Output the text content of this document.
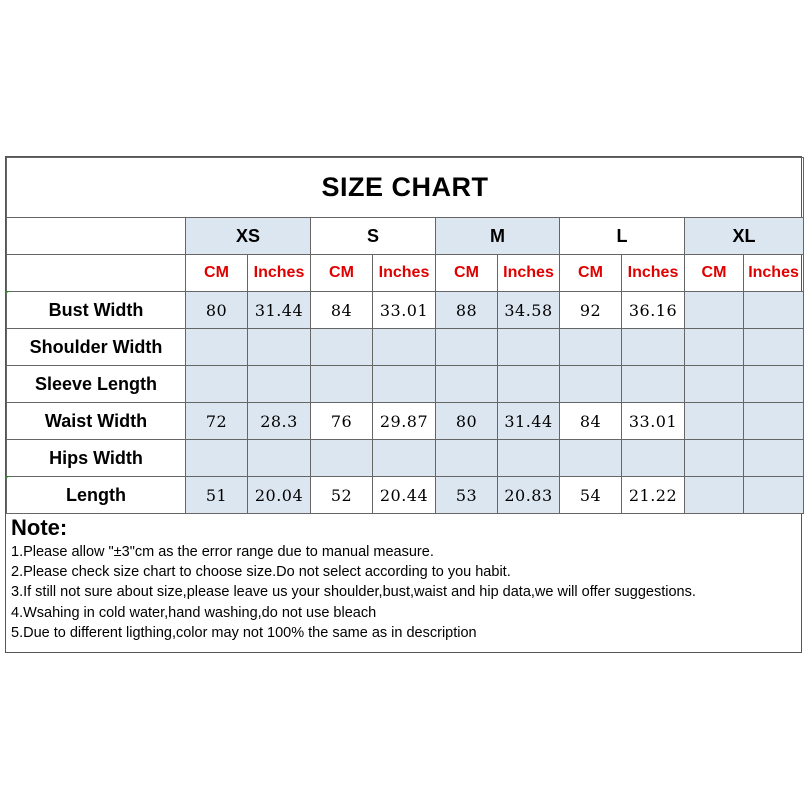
SIZE CHART										
	XS		S		M		L		XL	
	CM	Inches	CM	Inches	CM	Inches	CM	Inches	CM	Inches
Bust Width	80	31.44	84	33.01	88	34.58	92	36.16		
Shoulder Width										
Sleeve Length										
Waist Width	72	28.3	76	29.87	80	31.44	84	33.01		
Hips Width										
Length	51	20.04	52	20.44	53	20.83	54	21.22		
Note:
1.Please allow "±3"cm as the error range due to manual measure.
2.Please check size chart to choose size.Do not select according to you habit.
3.If still not sure about size,please leave us your shoulder,bust,waist and hip data,we will offer suggestions.
4.Wsahing in cold water,hand washing,do not use bleach
5.Due to different ligthing,color may not 100% the same as in description
